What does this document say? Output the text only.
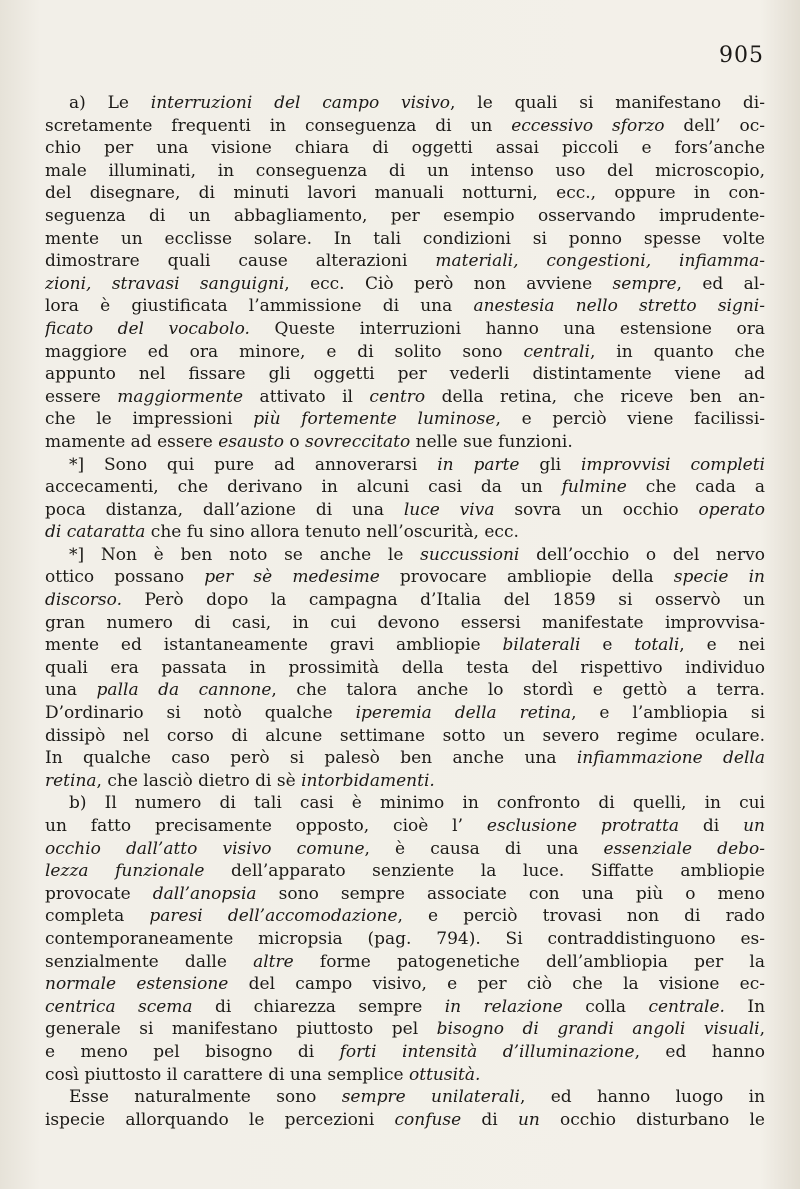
905
a) Le interruzioni del campo visivo, le quali si manifestano di-
scretamente frequenti in conseguenza di un eccessivo sforzo dell’ oc-
chio per una visione chiara di oggetti assai piccoli e fors’anche
male illuminati, in conseguenza di un intenso uso del microscopio,
del disegnare, di minuti lavori manuali notturni, ecc., oppure in con-
seguenza di un abbagliamento, per esempio osservando imprudente-
mente un ecclisse solare. In tali condizioni si ponno spesse volte
dimostrare quali cause alterazioni materiali, congestioni, infiamma-
zioni, stravasi sanguigni, ecc. Ciò però non avviene sempre, ed al-
lora è giustificata l’ammissione di una anestesia nello stretto signi-
ficato del vocabolo. Queste interruzioni hanno una estensione ora
maggiore ed ora minore, e di solito sono centrali, in quanto che
appunto nel fissare gli oggetti per vederli distintamente viene ad
essere maggiormente attivato il centro della retina, che riceve ben an-
che le impressioni più fortemente luminose, e perciò viene facilissi-
mamente ad essere esausto o sovreccitato nelle sue funzioni.
*] Sono qui pure ad annoverarsi in parte gli improvvisi completi
accecamenti, che derivano in alcuni casi da un fulmine che cada a
poca distanza, dall’azione di una luce viva sovra un occhio operato
di cataratta che fu sino allora tenuto nell’oscurità, ecc.
*] Non è ben noto se anche le succussioni dell’occhio o del nervo
ottico possano per sè medesime provocare ambliopie della specie in
discorso. Però dopo la campagna d’Italia del 1859 si osservò un
gran numero di casi, in cui devono essersi manifestate improvvisa-
mente ed istantaneamente gravi ambliopie bilaterali e totali, e nei
quali era passata in prossimità della testa del rispettivo individuo
una palla da cannone, che talora anche lo stordì e gettò a terra.
D’ordinario si notò qualche iperemia della retina, e l’ambliopia si
dissipò nel corso di alcune settimane sotto un severo regime oculare.
In qualche caso però si palesò ben anche una infiammazione della
retina, che lasciò dietro di sè intorbidamenti.
b) Il numero di tali casi è minimo in confronto di quelli, in cui
un fatto precisamente opposto, cioè l’ esclusione protratta di un
occhio dall’atto visivo comune, è causa di una essenziale debo-
lezza funzionale dell’apparato senziente la luce. Siffatte ambliopie
provocate dall’anopsia sono sempre associate con una più o meno
completa paresi dell’accomodazione, e perciò trovasi non di rado
contemporaneamente micropsia (pag. 794). Si contraddistinguono es-
senzialmente dalle altre forme patogenetiche dell’ambliopia per la
normale estensione del campo visivo, e per ciò che la visione ec-
centrica scema di chiarezza sempre in relazione colla centrale. In
generale si manifestano piuttosto pel bisogno di grandi angoli visuali,
e meno pel bisogno di forti intensità d’illuminazione, ed hanno
così piuttosto il carattere di una semplice ottusità.
Esse naturalmente sono sempre unilaterali, ed hanno luogo in
ispecie allorquando le percezioni confuse di un occhio disturbano le
